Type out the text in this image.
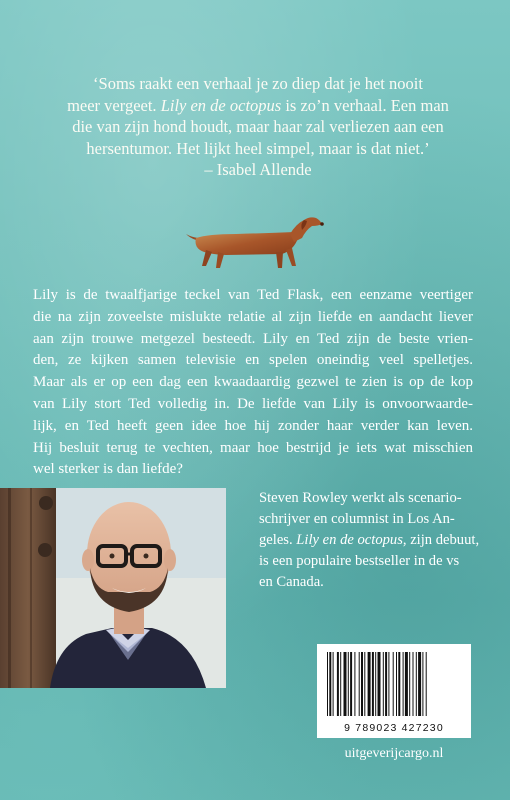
‘Soms raakt een verhaal je zo diep dat je het nooit
meer vergeet. Lily en de octopus is zo’n verhaal. Een man
die van zijn hond houdt, maar haar zal verliezen aan een
hersentumor. Het lijkt heel simpel, maar is dat niet.’
– Isabel Allende
Lily is de twaalfjarige teckel van Ted Flask, een eenzame veertiger
die na zijn zoveelste mislukte relatie al zijn liefde en aandacht liever
aan zijn trouwe metgezel besteedt. Lily en Ted zijn de beste vrien-
den, ze kijken samen televisie en spelen oneindig veel spelletjes.
Maar als er op een dag een kwaadaardig gezwel te zien is op de kop
van Lily stort Ted volledig in. De liefde van Lily is onvoorwaarde-
lijk, en Ted heeft geen idee hoe hij zonder haar verder kan leven.
Hij besluit terug te vechten, maar hoe bestrijd je iets wat misschien
wel sterker is dan liefde?
Steven Rowley werkt als scenario-
schrijver en columnist in Los An-
geles. Lily en de octopus, zijn debuut,
is een populaire bestseller in de vs
en Canada.
9 789023 427230
uitgeverijcargo.nl
